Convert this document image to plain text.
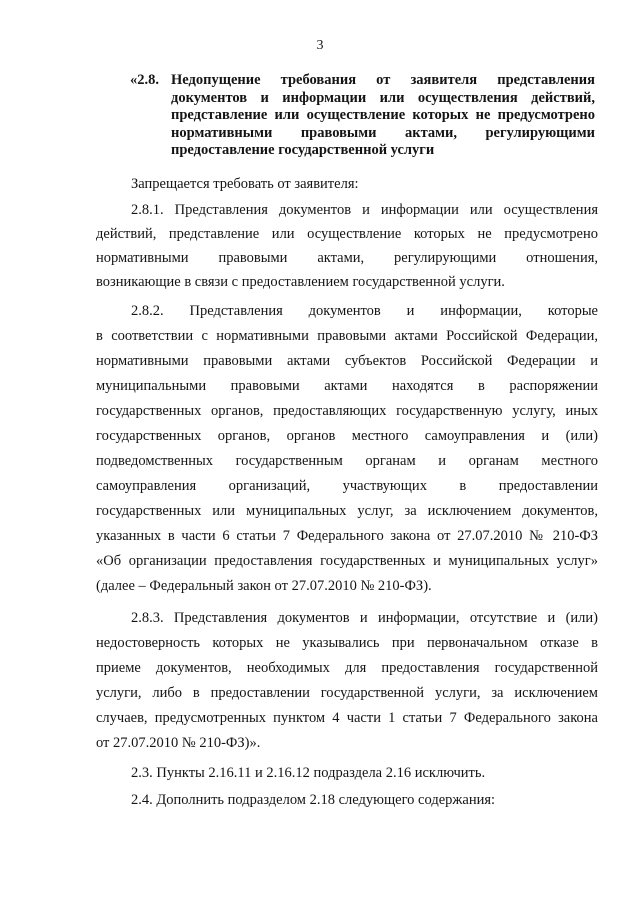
3
«2.8. Недопущение требования от заявителя представления
документов и информации или осуществления действий,
представление или осуществление которых не предусмотрено
нормативными правовыми актами, регулирующими
предоставление государственной услуги
Запрещается требовать от заявителя:
2.8.1. Представления документов и информации или осуществления
действий, представление или осуществление которых не предусмотрено
нормативными правовыми актами, регулирующими отношения,
возникающие в связи с предоставлением государственной услуги.
2.8.2. Представления документов и информации, которые
в соответствии с нормативными правовыми актами Российской Федерации,
нормативными правовыми актами субъектов Российской Федерации и
муниципальными правовыми актами находятся в распоряжении
государственных органов, предоставляющих государственную услугу, иных
государственных органов, органов местного самоуправления и (или)
подведомственных государственным органам и органам местного
самоуправления организаций, участвующих в предоставлении
государственных или муниципальных услуг, за исключением документов,
указанных в части 6 статьи 7 Федерального закона от 27.07.2010 № 210-ФЗ
«Об организации предоставления государственных и муниципальных услуг»
(далее – Федеральный закон от 27.07.2010 № 210-ФЗ).
2.8.3. Представления документов и информации, отсутствие и (или)
недостоверность которых не указывались при первоначальном отказе в
приеме документов, необходимых для предоставления государственной
услуги, либо в предоставлении государственной услуги, за исключением
случаев, предусмотренных пунктом 4 части 1 статьи 7 Федерального закона
от 27.07.2010 № 210-ФЗ)».
2.3. Пункты 2.16.11 и 2.16.12 подраздела 2.16 исключить.
2.4. Дополнить подразделом 2.18 следующего содержания:
